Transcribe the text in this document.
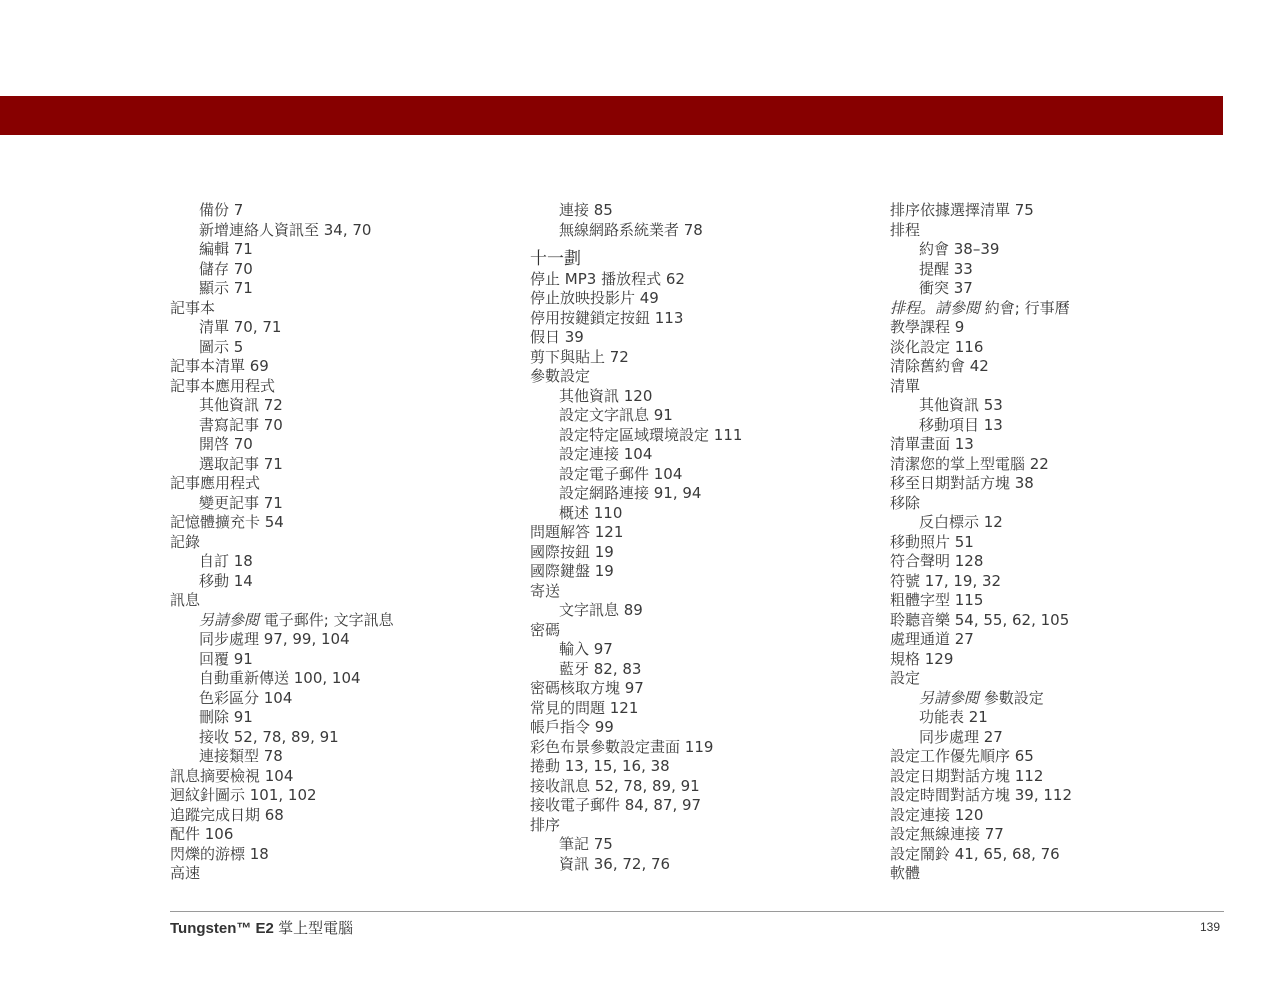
備份 7
新增連絡人資訊至 34, 70
編輯 71
儲存 70
顯示 71
記事本
清單 70, 71
圖示 5
記事本清單 69
記事本應用程式
其他資訊 72
書寫記事 70
開啓 70
選取記事 71
記事應用程式
變更記事 71
記憶體擴充卡 54
記錄
自訂 18
移動 14
訊息
另請參閱 電子郵件; 文字訊息
同步處理 97, 99, 104
回覆 91
自動重新傳送 100, 104
色彩區分 104
刪除 91
接收 52, 78, 89, 91
連接類型 78
訊息摘要檢視 104
迴紋針圖示 101, 102
追蹤完成日期 68
配件 106
閃爍的游標 18
高速
連接 85
無線網路系統業者 78
十一劃
停止 MP3 播放程式 62
停止放映投影片 49
停用按鍵鎖定按鈕 113
假日 39
剪下與貼上 72
參數設定
其他資訊 120
設定文字訊息 91
設定特定區域環境設定 111
設定連接 104
設定電子郵件 104
設定網路連接 91, 94
概述 110
問題解答 121
國際按鈕 19
國際鍵盤 19
寄送
文字訊息 89
密碼
輸入 97
藍牙 82, 83
密碼核取方塊 97
常見的問題 121
帳戶指令 99
彩色布景參數設定畫面 119
捲動 13, 15, 16, 38
接收訊息 52, 78, 89, 91
接收電子郵件 84, 87, 97
排序
筆記 75
資訊 36, 72, 76
排序依據選擇清單 75
排程
約會 38–39
提醒 33
衝突 37
排程。請參閱 約會; 行事曆
教學課程 9
淡化設定 116
清除舊約會 42
清單
其他資訊 53
移動項目 13
清單畫面 13
清潔您的掌上型電腦 22
移至日期對話方塊 38
移除
反白標示 12
移動照片 51
符合聲明 128
符號 17, 19, 32
粗體字型 115
聆聽音樂 54, 55, 62, 105
處理通道 27
規格 129
設定
另請參閱 參數設定
功能表 21
同步處理 27
設定工作優先順序 65
設定日期對話方塊 112
設定時間對話方塊 39, 112
設定連接 120
設定無線連接 77
設定鬧鈴 41, 65, 68, 76
軟體
Tungsten™ E2 掌上型電腦	139
